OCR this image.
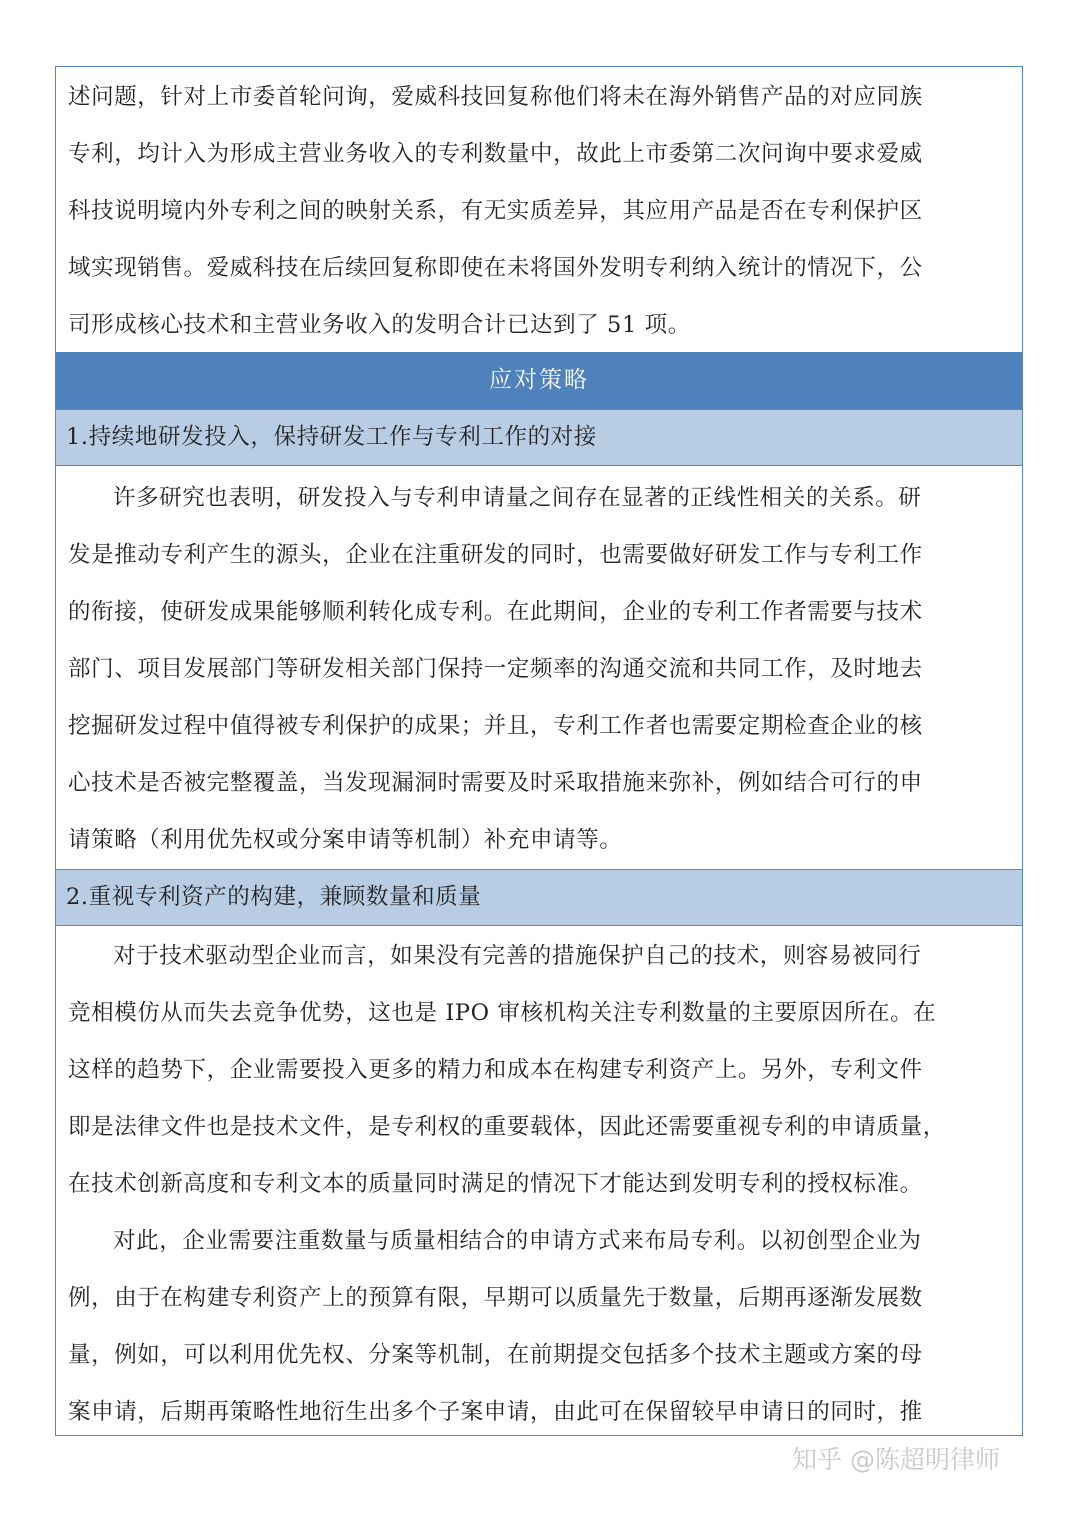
述问题，针对上市委首轮问询，爱威科技回复称他们将未在海外销售产品的对应同族
专利，均计入为形成主营业务收入的专利数量中，故此上市委第二次问询中要求爱威
科技说明境内外专利之间的映射关系，有无实质差异，其应用产品是否在专利保护区
域实现销售。爱威科技在后续回复称即使在未将国外发明专利纳入统计的情况下，公
司形成核心技术和主营业务收入的发明合计已达到了 51 项。
应对策略
1.持续地研发投入，保持研发工作与专利工作的对接
许多研究也表明，研发投入与专利申请量之间存在显著的正线性相关的关系。研
发是推动专利产生的源头，企业在注重研发的同时，也需要做好研发工作与专利工作
的衔接，使研发成果能够顺利转化成专利。在此期间，企业的专利工作者需要与技术
部门、项目发展部门等研发相关部门保持一定频率的沟通交流和共同工作，及时地去
挖掘研发过程中值得被专利保护的成果；并且，专利工作者也需要定期检查企业的核
心技术是否被完整覆盖，当发现漏洞时需要及时采取措施来弥补，例如结合可行的申
请策略（利用优先权或分案申请等机制）补充申请等。
2.重视专利资产的构建，兼顾数量和质量
对于技术驱动型企业而言，如果没有完善的措施保护自己的技术，则容易被同行
竞相模仿从而失去竞争优势，这也是 IPO 审核机构关注专利数量的主要原因所在。在
这样的趋势下，企业需要投入更多的精力和成本在构建专利资产上。另外，专利文件
即是法律文件也是技术文件，是专利权的重要载体，因此还需要重视专利的申请质量，
在技术创新高度和专利文本的质量同时满足的情况下才能达到发明专利的授权标准。
对此，企业需要注重数量与质量相结合的申请方式来布局专利。以初创型企业为
例，由于在构建专利资产上的预算有限，早期可以质量先于数量，后期再逐渐发展数
量，例如，可以利用优先权、分案等机制，在前期提交包括多个技术主题或方案的母
案申请，后期再策略性地衍生出多个子案申请，由此可在保留较早申请日的同时，推
知乎 @陈超明律师
